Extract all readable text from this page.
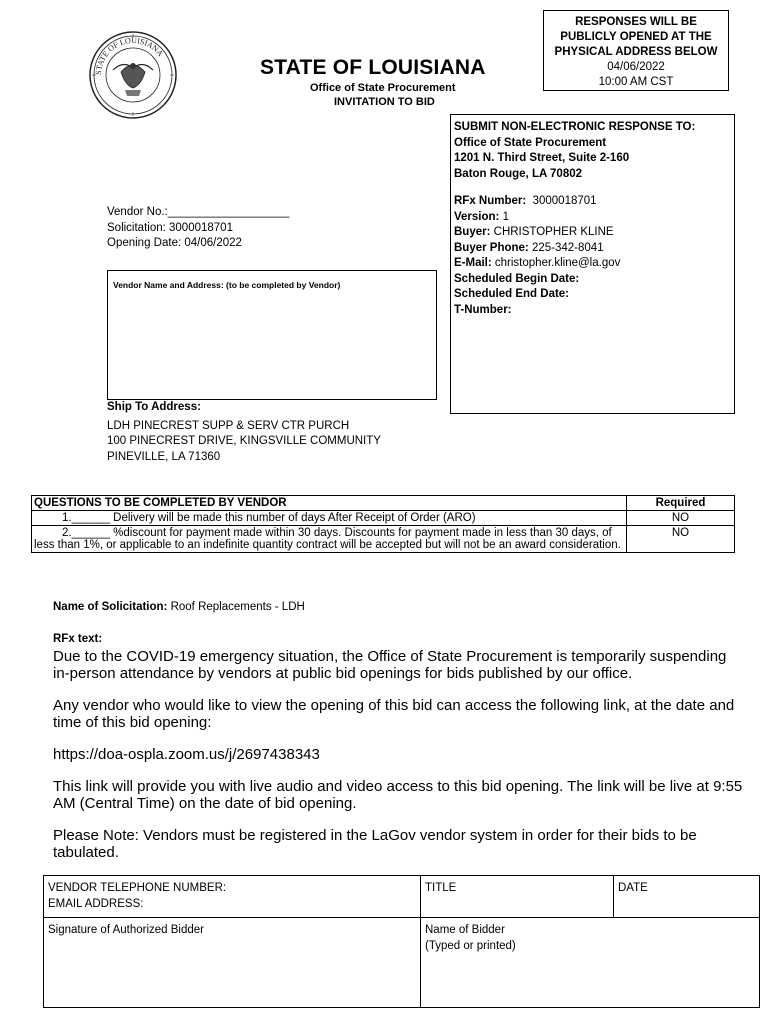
STATE OF LOUISIANA
STATE OF LOUISIANA
Office of State Procurement
INVITATION TO BID
RESPONSES WILL BE
PUBLICLY OPENED AT THE
PHYSICAL ADDRESS BELOW
04/06/2022
10:00 AM CST
SUBMIT NON-ELECTRONIC RESPONSE TO:
Office of State Procurement
1201 N. Third Street, Suite 2-160
Baton Rouge, LA 70802
RFx Number: 3000018701
Version: 1
Buyer: CHRISTOPHER KLINE
Buyer Phone: 225-342-8041
E-Mail: christopher.kline@la.gov
Scheduled Begin Date:
Scheduled End Date:
T-Number:
Vendor No.:___________________
Solicitation: 3000018701
Opening Date: 04/06/2022
Vendor Name and Address: (to be completed by Vendor)
Ship To Address:
LDH PINECREST SUPP & SERV CTR PURCH
100 PINECREST DRIVE, KINGSVILLE COMMUNITY
PINEVILLE, LA 71360
QUESTIONS TO BE COMPLETED BY VENDOR	Required
1.______ Delivery will be made this number of days After Receipt of Order (ARO)	NO
2.______ %discount for payment made within 30 days. Discounts for payment made in less than 30 days, of less than 1%, or applicable to an indefinite quantity contract will be accepted but will not be an award consideration.	NO
Name of Solicitation: Roof Replacements - LDH
RFx text:

Due to the COVID-19 emergency situation, the Office of State Procurement is temporarily suspending in-person attendance by vendors at public bid openings for bids published by our office.

Any vendor who would like to view the opening of this bid can access the following link, at the date and time of this bid opening:

https://doa-ospla.zoom.us/j/2697438343

This link will provide you with live audio and video access to this bid opening. The link will be live at 9:55 AM (Central Time) on the date of bid opening.

Please Note: Vendors must be registered in the LaGov vendor system in order for their bids to be tabulated.

VENDOR TELEPHONE NUMBER:
EMAIL ADDRESS:	TITLE	DATE

Signature of Authorized Bidder	Name of Bidder
(Typed or printed)	
